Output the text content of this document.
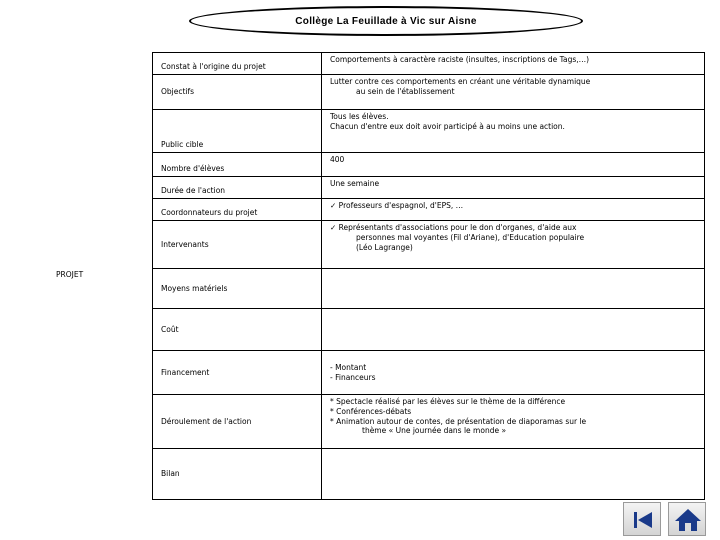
Collège La Feuillade à Vic sur Aisne
PROJET
Constat à l'origine du projet	Comportements à caractère raciste (insultes, inscriptions de Tags,…)

Objectifs	Lutter contre ces comportements en créant une véritable dynamique
au sein de l'établissement

Public cible	Tous les élèves.
Chacun d'entre eux doit avoir participé à au moins une action.

Nombre d'élèves	400

Durée de l'action	Une semaine

Coordonnateurs du projet	✓ Professeurs d'espagnol, d'EPS, …

Intervenants	✓ Représentants d'associations pour le don d'organes, d'aide aux
personnes mal voyantes (Fil d'Ariane), d'Education populaire
(Léo Lagrange)

Moyens matériels	
Coût	
Financement	- Montant
- Financeurs

Déroulement de l'action	* Spectacle réalisé par les élèves sur le thème de la différence
* Conférences-débats
* Animation autour de contes, de présentation de diaporamas sur le
thème « Une journée dans le monde »

Bilan	
